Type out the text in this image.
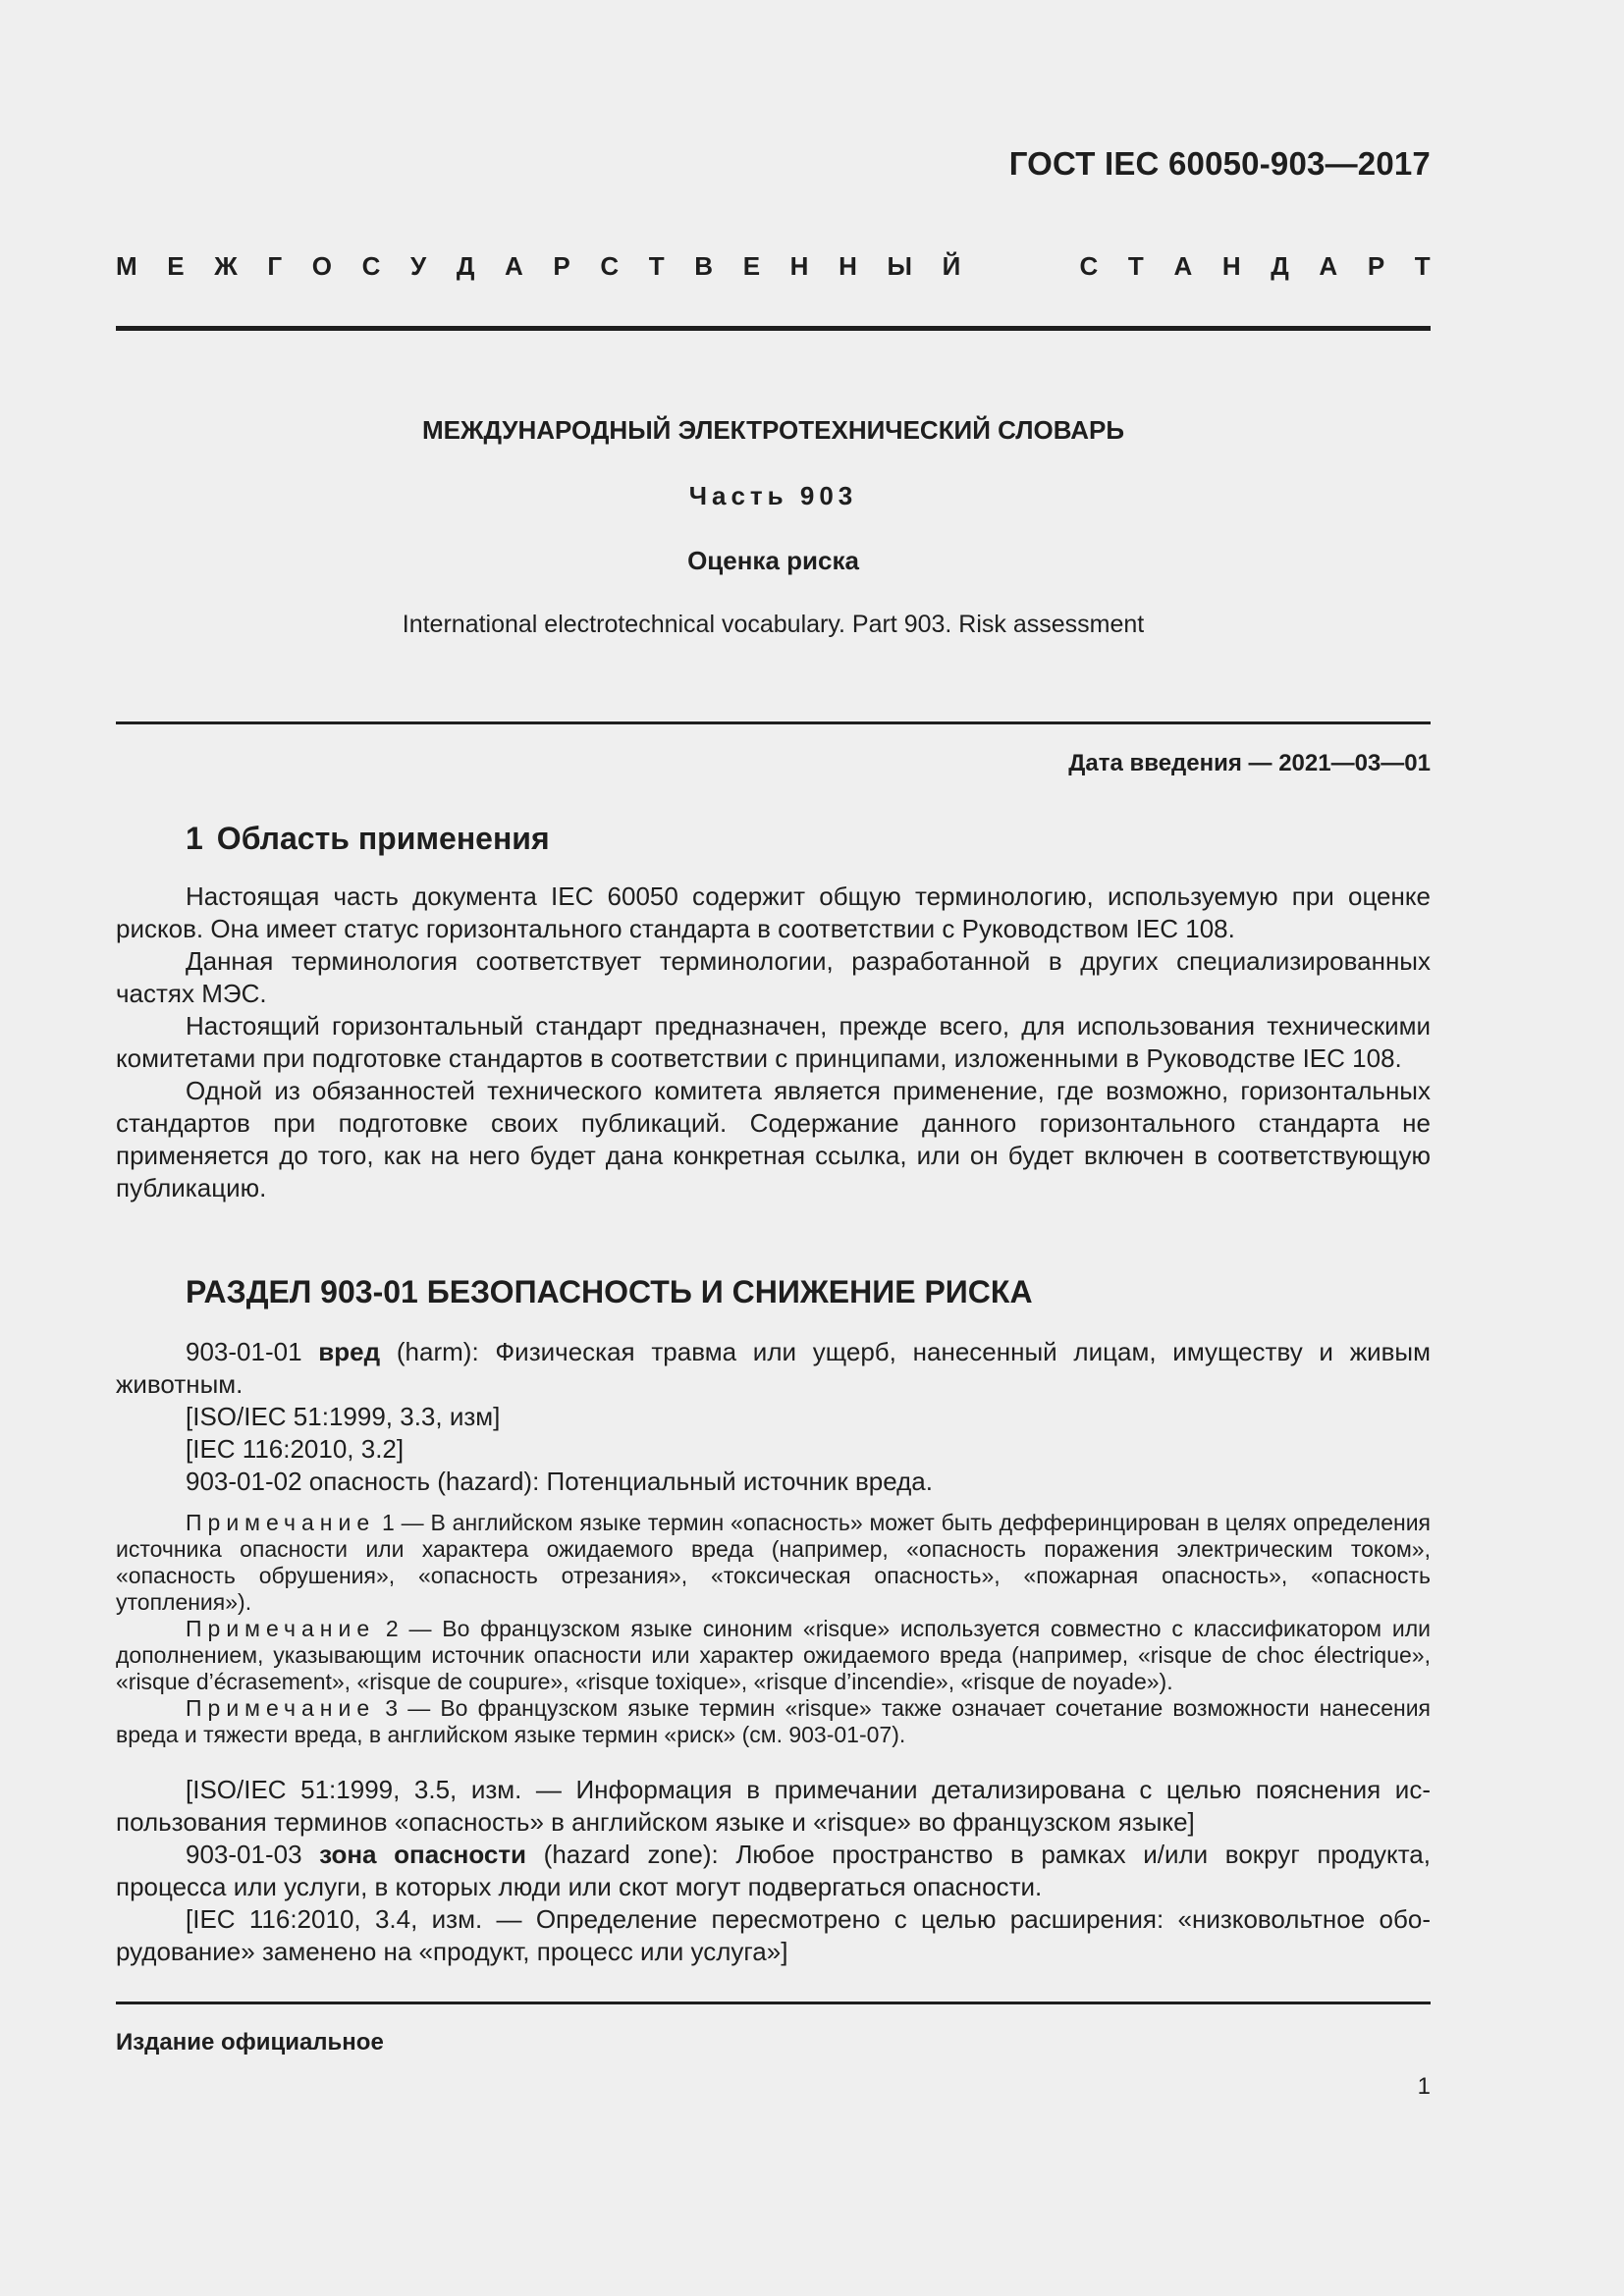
ГОСТ IEC 60050-903—2017
М Е Ж Г О С У Д А Р С Т В Е Н Н Ы Й	С Т А Н Д А Р Т
МЕЖДУНАРОДНЫЙ ЭЛЕКТРОТЕХНИЧЕСКИЙ СЛОВАРЬ
Часть 903
Оценка риска
International electrotechnical vocabulary. Part 903. Risk assessment
Дата введения — 2021—03—01
1 Область применения

Настоящая часть документа IEC 60050 содержит общую терминологию, используемую при оценке рисков. Она имеет статус горизонтального стандарта в соответствии с Руководством IEC 108.

Данная терминология соответствует терминологии, разработанной в других специализированных частях МЭС.

Настоящий горизонтальный стандарт предназначен, прежде всего, для использования техническими комитетами при подготовке стандартов в соответствии с принципами, изложенными в Руководстве IEC 108.

Одной из обязанностей технического комитета является применение, где возможно, горизонтальных стандартов при подготовке своих публикаций. Содержание данного горизонтального стандарта не применяется до того, как на него будет дана конкретная ссылка, или он будет включен в соответствующую публикацию.

РАЗДЕЛ 903-01 БЕЗОПАСНОСТЬ И СНИЖЕНИЕ РИСКА

903-01-01 вред (harm): Физическая травма или ущерб, нанесенный лицам, имуществу и живым животным.

[ISO/IEC 51:1999, 3.3, изм]

[IEC 116:2010, 3.2]

903-01-02 опасность (hazard): Потенциальный источник вреда.

Примечание 1 — В английском языке термин «опасность» может быть дефферинцирован в целях определения источника опасности или характера ожидаемого вреда (например, «опасность поражения электрическим током», «опасность обрушения», «опасность отрезания», «токсическая опасность», «пожарная опасность», «опасность утопления»).

Примечание 2 — Во французском языке синоним «risque» используется совместно с классификатором или дополнением, указывающим источник опасности или характер ожидаемого вреда (например, «risque de choc électrique», «risque d’écrasement», «risque de coupure», «risque toxique», «risque d’incendie», «risque de noyade»).

Примечание 3 — Во французском языке термин «risque» также означает сочетание возможности нанесения вреда и тяжести вреда, в английском языке термин «риск» (см. 903-01-07).

[ISO/IEC 51:1999, 3.5, изм. — Информация в примечании детализирована с целью пояснения использования терминов «опасность» в английском языке и «risque» во французском языке]

903-01-03 зона опасности (hazard zone): Любое пространство в рамках и/или вокруг продукта, процесса или услуги, в которых люди или скот могут подвергаться опасности.

[IEC 116:2010, 3.4, изм. — Определение пересмотрено с целью расширения: «низковольтное оборудование» заменено на «продукт, процесс или услуга»]

Издание официальное
1
